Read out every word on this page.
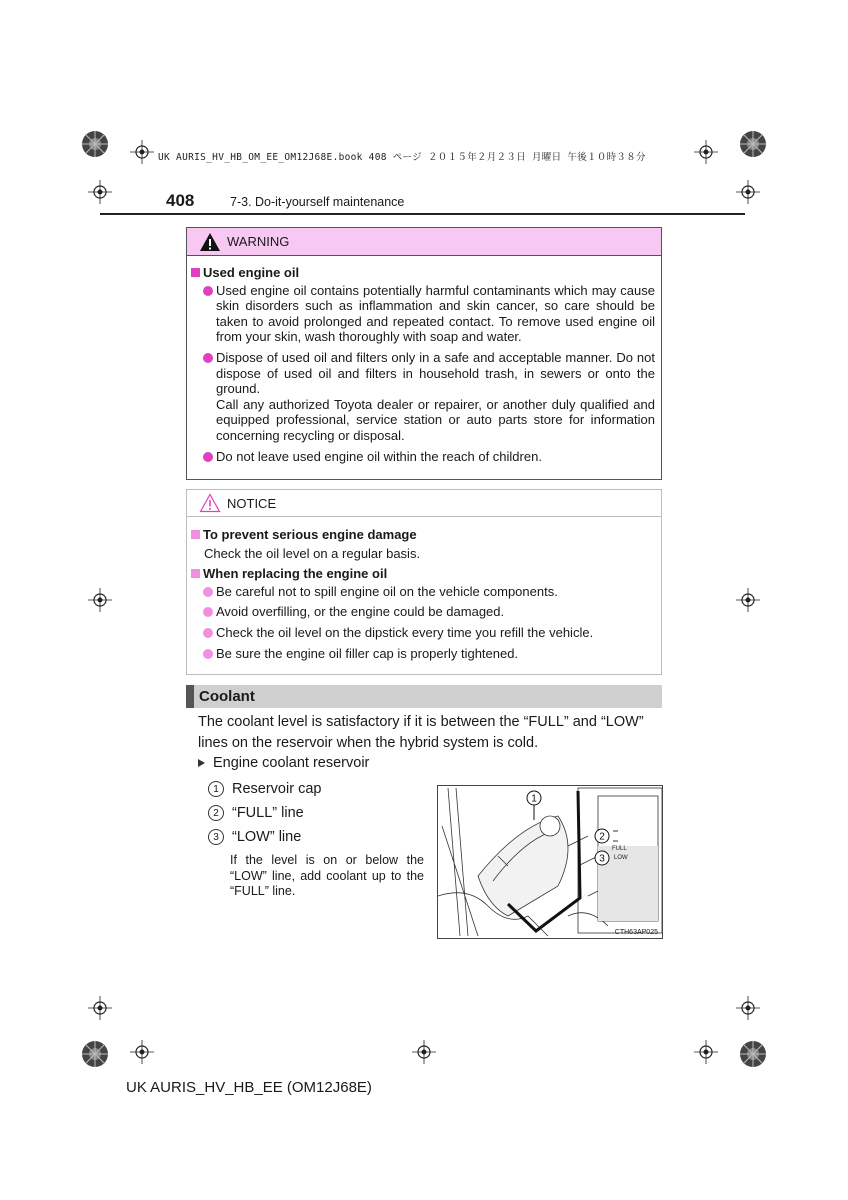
UK AURIS_HV_HB_OM_EE_OM12J68E.book 408 ページ ２０１５年２月２３日 月曜日 午後１０時３８分
408	7-3. Do-it-yourself maintenance
WARNING
Used engine oil
Used engine oil contains potentially harmful contaminants which may cause skin disorders such as inflammation and skin cancer, so care should be taken to avoid prolonged and repeated contact. To remove used engine oil from your skin, wash thoroughly with soap and water.
Dispose of used oil and filters only in a safe and acceptable manner. Do not dispose of used oil and filters in household trash, in sewers or onto the ground.
Call any authorized Toyota dealer or repairer, or another duly qualified and equipped professional, service station or auto parts store for information concerning recycling or disposal.
Do not leave used engine oil within the reach of children.
NOTICE
To prevent serious engine damage
Check the oil level on a regular basis.
When replacing the engine oil
Be careful not to spill engine oil on the vehicle components.
Avoid overfilling, or the engine could be damaged.
Check the oil level on the dipstick every time you refill the vehicle.
Be sure the engine oil filler cap is properly tightened.
Coolant
The coolant level is satisfactory if it is between the “FULL” and “LOW” lines on the reservoir when the hybrid system is cold.
Engine coolant reservoir
1 Reservoir cap
2 “FULL” line
3 “LOW” line
If the level is on or below the “LOW” line, add coolant up to the “FULL” line.
FULL
LOW
1
2
3
CTH63AP025
UK AURIS_HV_HB_EE (OM12J68E)
